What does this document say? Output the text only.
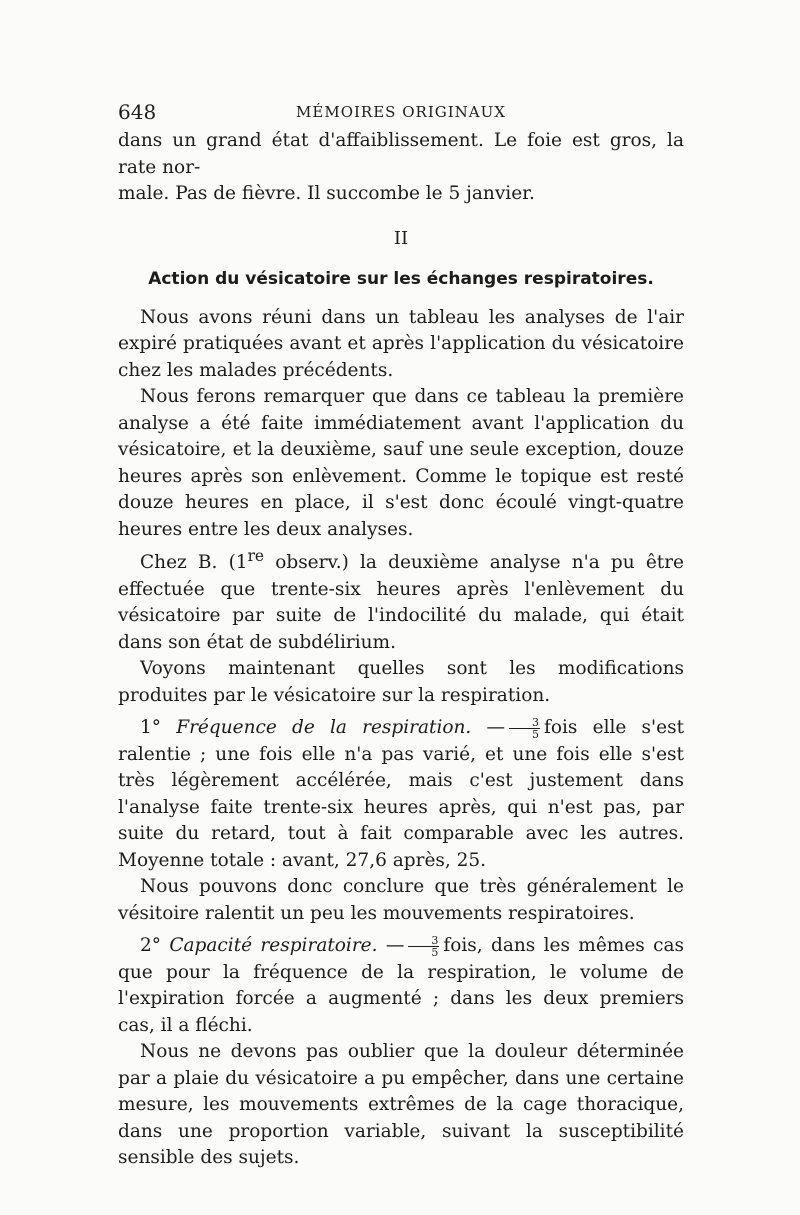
648	MÉMOIRES ORIGINAUX

dans un grand état d'affaiblissement. Le foie est gros, la rate nor-

male. Pas de fièvre. Il succombe le 5 janvier.

II

Action du vésicatoire sur les échanges respiratoires.

Nous avons réuni dans un tableau les analyses de l'air expiré pratiquées avant et après l'application du vésicatoire chez les malades précédents.

Nous ferons remarquer que dans ce tableau la première analyse a été faite immédiatement avant l'application du vésicatoire, et la deuxième, sauf une seule exception, douze heures après son enlèvement. Comme le topique est resté douze heures en place, il s'est donc écoulé vingt-quatre heures entre les deux analyses.

Chez B. (1re observ.) la deuxième analyse n'a pu être effectuée que trente-six heures après l'enlèvement du vésicatoire par suite de l'indocilité du malade, qui était dans son état de subdélirium.

Voyons maintenant quelles sont les modifications produites par le vésicatoire sur la respiration.

1° Fréquence de la respiration. — $\frac{3}{5}$ fois elle s'est ralentie ; une fois elle n'a pas varié, et une fois elle s'est très légèrement accélérée, mais c'est justement dans l'analyse faite trente-six heures après, qui n'est pas, par suite du retard, tout à fait comparable avec les autres. Moyenne totale : avant, 27,6 après, 25.

Nous pouvons donc conclure que très généralement le vésitoire ralentit un peu les mouvements respiratoires.

2° Capacité respiratoire. — $\frac{3}{5}$ fois, dans les mêmes cas que pour la fréquence de la respiration, le volume de l'expiration forcée a augmenté ; dans les deux premiers cas, il a fléchi.

Nous ne devons pas oublier que la douleur déterminée par a plaie du vésicatoire a pu empêcher, dans une certaine mesure, les mouvements extrêmes de la cage thoracique, dans une proportion variable, suivant la susceptibilité sensible des sujets.
